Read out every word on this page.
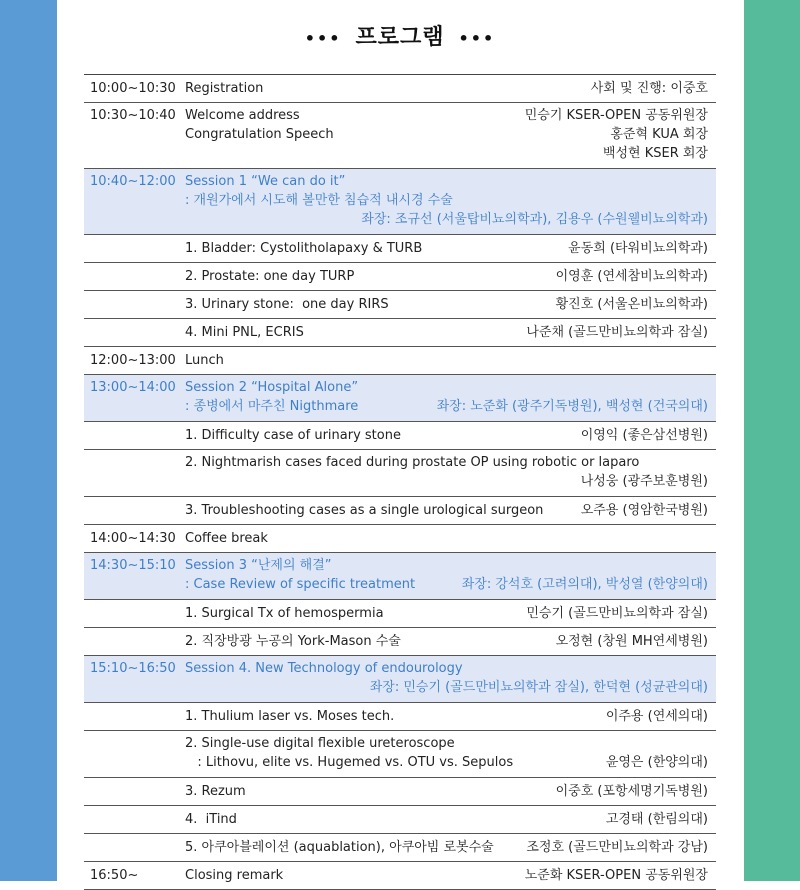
••• 프로그램 •••
10:00~10:30 Registration	사회 및 진행: 이중호
10:30~10:40 Welcome address	민승기 KSER-OPEN 공동위원장
Congratulation Speech	홍준혁 KUA 회장
백성현 KSER 회장
10:40~12:00 Session 1 “We can do it”
: 개원가에서 시도해 볼만한 침습적 내시경 수술
좌장: 조규선 (서울탑비뇨의학과), 김용우 (수원웰비뇨의학과)
1. Bladder: Cystolitholapaxy & TURB	윤동희 (타워비뇨의학과)
2. Prostate: one day TURP	이영훈 (연세참비뇨의학과)
3. Urinary stone:  one day RIRS	황진호 (서울온비뇨의학과)
4. Mini PNL, ECRIS	나준채 (골드만비뇨의학과 잠실)
12:00~13:00 Lunch
13:00~14:00 Session 2 “Hospital Alone”
: 종병에서 마주친 Nigthmare	좌장: 노준화 (광주기독병원), 백성현 (건국의대)
1. Difficulty case of urinary stone	이영익 (좋은삼선병원)
2. Nightmarish cases faced during prostate OP using robotic or laparo
나성웅 (광주보훈병원)
3. Troubleshooting cases as a single urological surgeon	오주용 (영암한국병원)
14:00~14:30 Coffee break
14:30~15:10 Session 3 “난제의 해결”
: Case Review of specific treatment	좌장: 강석호 (고려의대), 박성열 (한양의대)
1. Surgical Tx of hemospermia	민승기 (골드만비뇨의학과 잠실)
2. 직장방광 누공의 York-Mason 수술	오정현 (창원 MH연세병원)
15:10~16:50 Session 4. New Technology of endourology
좌장: 민승기 (골드만비뇨의학과 잠실), 한덕현 (성균관의대)
1. Thulium laser vs. Moses tech.	이주용 (연세의대)
2. Single-use digital flexible ureteroscope
: Lithovu, elite vs. Hugemed vs. OTU vs. Sepulos	윤영은 (한양의대)
3. Rezum	이중호 (포항세명기독병원)
4.  iTind	고경태 (한림의대)
5. 아쿠아블레이션 (aquablation), 아쿠아빔 로봇수술	조정호 (골드만비뇨의학과 강남)
16:50~	Closing remark	노준화 KSER-OPEN 공동위원장
